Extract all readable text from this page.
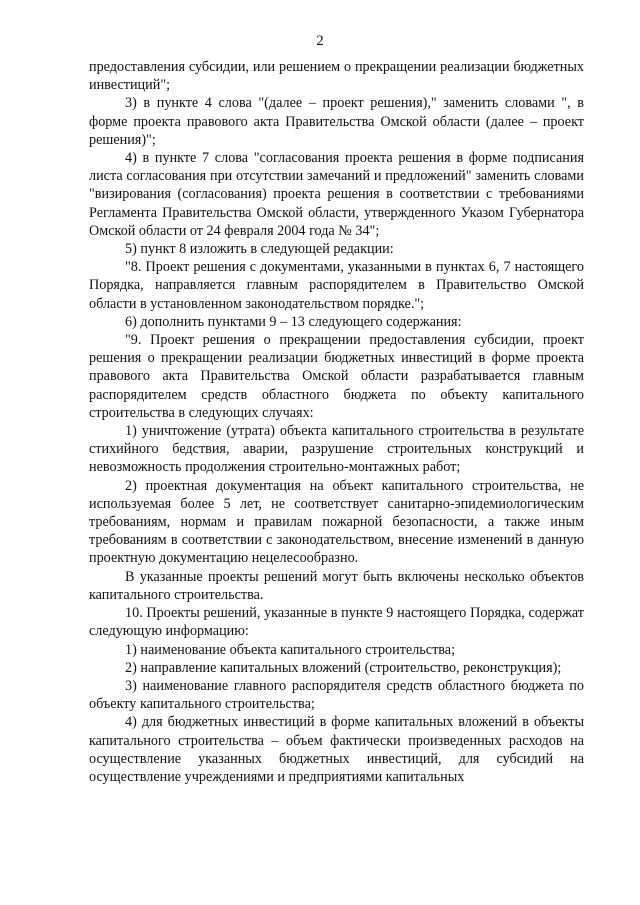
2

предоставления субсидии, или решением о прекращении реализации бюджетных инвестиций";

3) в пункте 4 слова "(далее – проект решения)," заменить словами ", в форме проекта правового акта Правительства Омской области (далее – проект решения)";

4) в пункте 7 слова "согласования проекта решения в форме подписания листа согласования при отсутствии замечаний и предложений" заменить словами "визирования (согласования) проекта решения в соответствии с требованиями Регламента Правительства Омской области, утвержденного Указом Губернатора Омской области от 24 февраля 2004 года № 34";

5) пункт 8 изложить в следующей редакции:

"8. Проект решения с документами, указанными в пунктах 6, 7 настоящего Порядка, направляется главным распорядителем в Правительство Омской области в установленном законодательством порядке.";

6) дополнить пунктами 9 – 13 следующего содержания:

"9. Проект решения о прекращении предоставления субсидии, проект решения о прекращении реализации бюджетных инвестиций в форме проекта правового акта Правительства Омской области разрабатывается главным распорядителем средств областного бюджета по объекту капитального строительства в следующих случаях:

1) уничтожение (утрата) объекта капитального строительства в результате стихийного бедствия, аварии, разрушение строительных конструкций и невозможность продолжения строительно-монтажных работ;

2) проектная документация на объект капитального строительства, не используемая более 5 лет, не соответствует санитарно-эпидемиологическим требованиям, нормам и правилам пожарной безопасности, а также иным требованиям в соответствии с законодательством, внесение изменений в данную проектную документацию нецелесообразно.

В указанные проекты решений могут быть включены несколько объектов капитального строительства.

10. Проекты решений, указанные в пункте 9 настоящего Порядка, содержат следующую информацию:

1) наименование объекта капитального строительства;

2) направление капитальных вложений (строительство, реконструкция);

3) наименование главного распорядителя средств областного бюджета по объекту капитального строительства;

4) для бюджетных инвестиций в форме капитальных вложений в объекты капитального строительства – объем фактически произведенных расходов на осуществление указанных бюджетных инвестиций, для субсидий на осуществление учреждениями и предприятиями капитальных
